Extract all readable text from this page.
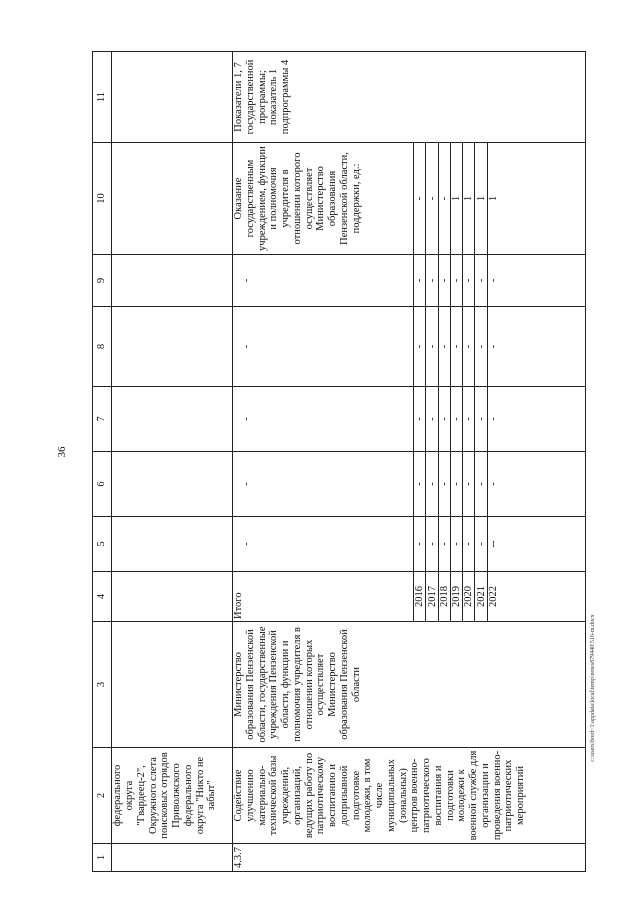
36
c:\users\bord~1\appdata\local\temp\notes879440\516-m.docx
1	2	3	4	5	6	7	8	9	10	11
	федерального округа "Гвардеец-2", Окружного слета поисковых отрядов Приволжского федерального округа "Никто не забыт"									
4.3.7	Содействие улучшению материально-технической базы учреждений, организаций, ведущих работу по патриотическому воспитанию и допризывной подготовке молодежи, в том числе муниципальных (зональных) центров военно-патриотического воспитания и подготовки молодежи к военной службе для организации и проведения военно-патриотических мероприятий	Министерство образования Пензенской области, государственные учреждения Пензенской области, функции и полномочия учредителя в отношении которых осуществляет Министерство образования Пензенской области	Итого	-	-	-	-	-	Оказание государственным учреждением, функции и полномочия учредителя в отношении которого осуществляет Министерство образования Пензенской области, поддержки, ед.:	Показатели 1, 7 государственной программы; показатель 1 подпрограммы 4
			2016	-	-	-	-	-	-	
			2017	-	-	-	-	-	-	
			2018	-	-	-	-	-	-	
			2019	-	-	-	-	-	1	
			2020	-	-	-	-	-	1	
			2021	-	-	-	-	-	1	
			2022	--	-	-	-	-	1	
